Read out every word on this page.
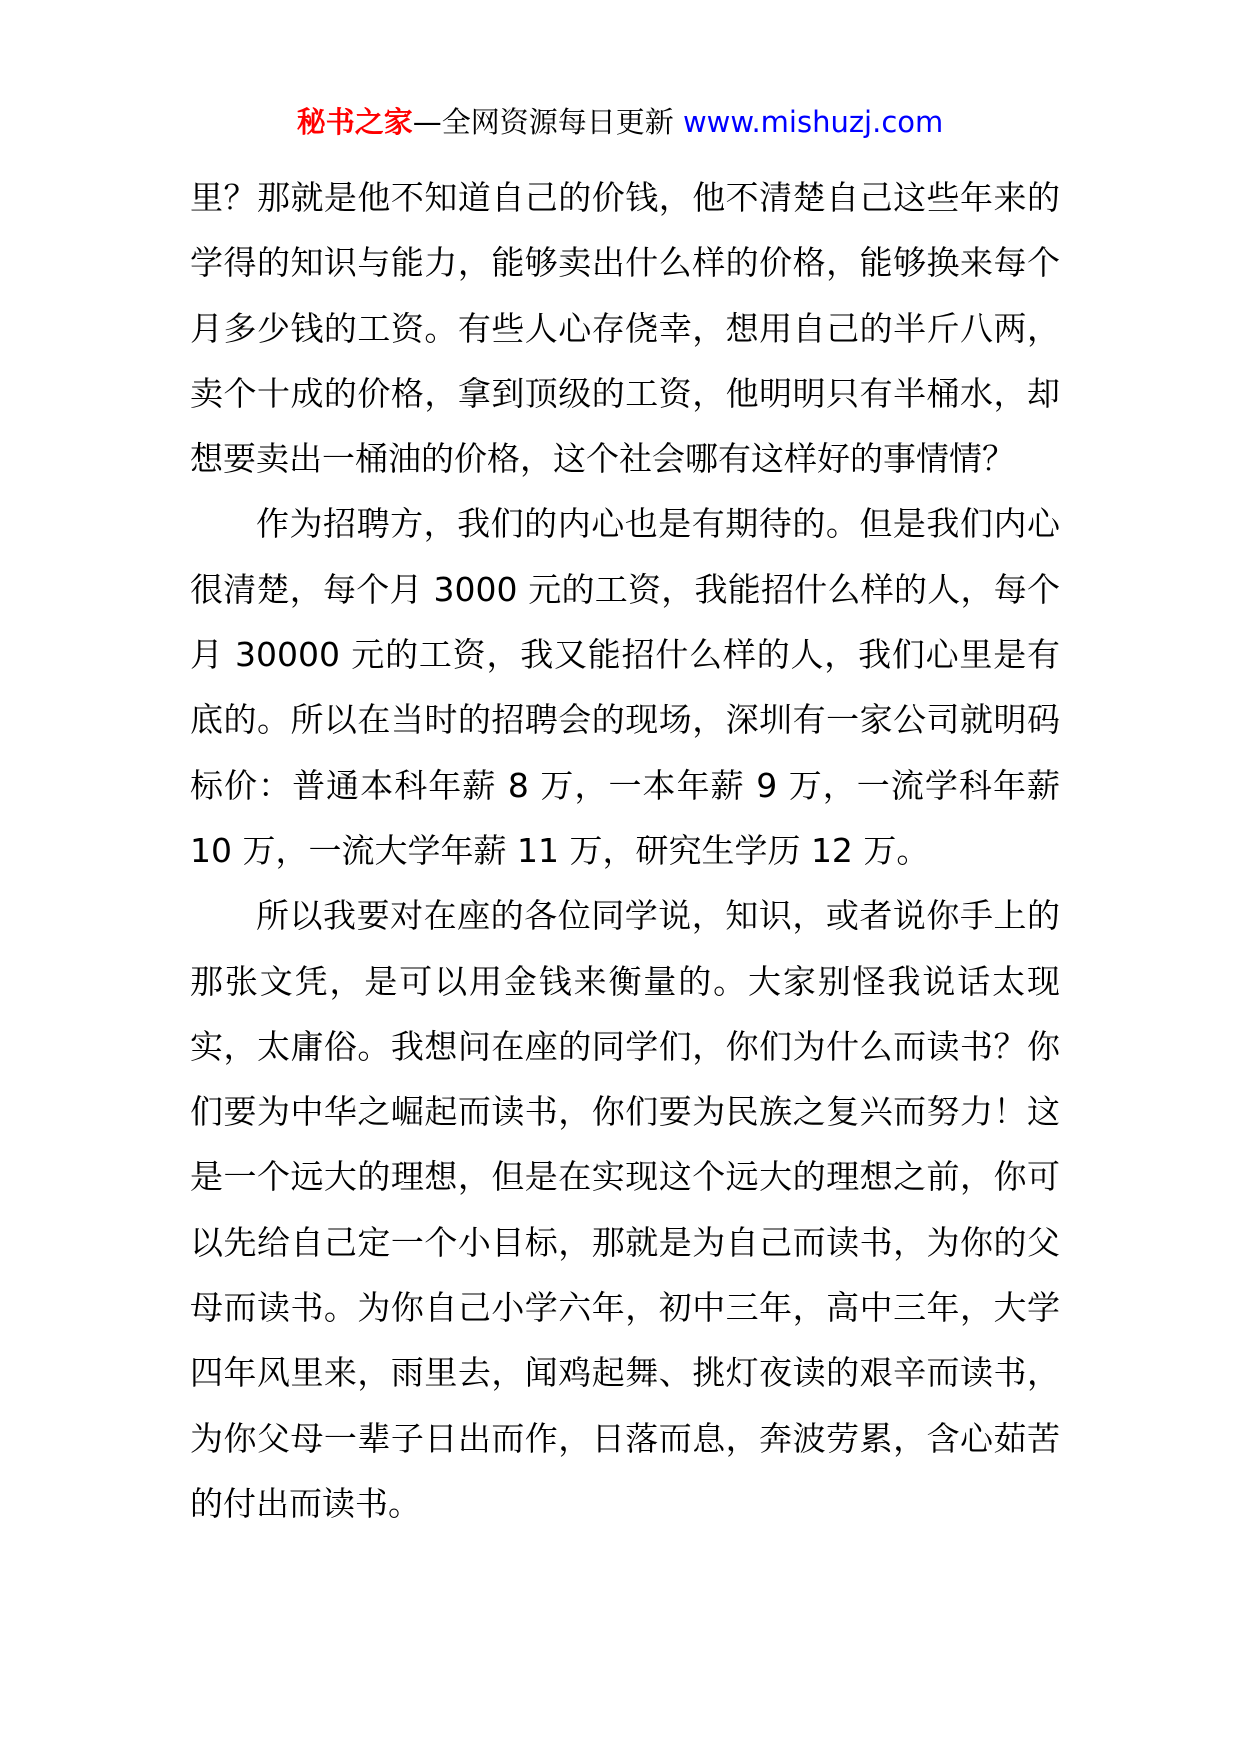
秘书之家—全网资源每日更新 www.mishuzj.com

里？那就是他不知道自己的价钱，他不清楚自己这些年来的学得的知识与能力，能够卖出什么样的价格，能够换来每个月多少钱的工资。有些人心存侥幸，想用自己的半斤八两，卖个十成的价格，拿到顶级的工资，他明明只有半桶水，却想要卖出一桶油的价格，这个社会哪有这样好的事情情？

作为招聘方，我们的内心也是有期待的。但是我们内心很清楚，每个月 3000 元的工资，我能招什么样的人，每个月 30000 元的工资，我又能招什么样的人，我们心里是有底的。所以在当时的招聘会的现场，深圳有一家公司就明码标价：普通本科年薪 8 万，一本年薪 9 万，一流学科年薪 10 万，一流大学年薪 11 万，研究生学历 12 万。

所以我要对在座的各位同学说，知识，或者说你手上的那张文凭，是可以用金钱来衡量的。大家别怪我说话太现实，太庸俗。我想问在座的同学们，你们为什么而读书？你们要为中华之崛起而读书，你们要为民族之复兴而努力！这是一个远大的理想，但是在实现这个远大的理想之前，你可以先给自己定一个小目标，那就是为自己而读书，为你的父母而读书。为你自己小学六年，初中三年，高中三年，大学四年风里来，雨里去，闻鸡起舞、挑灯夜读的艰辛而读书，为你父母一辈子日出而作，日落而息，奔波劳累，含心茹苦的付出而读书。
